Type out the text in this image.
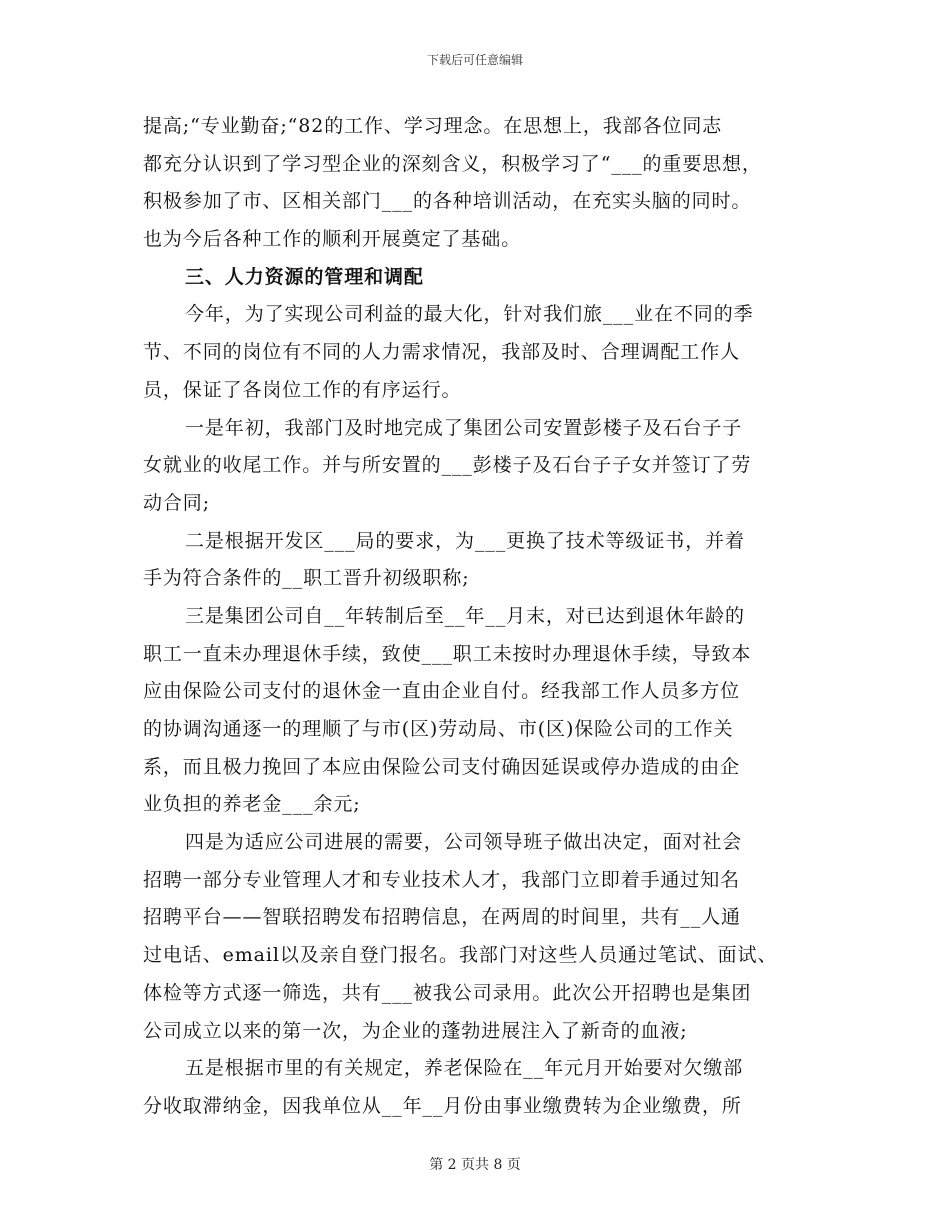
下载后可任意编辑
提高;“专业勤奋;“82的工作、学习理念。在思想上，我部各位同志
都充分认识到了学习型企业的深刻含义，积极学习了“___的重要思想，
积极参加了市、区相关部门___的各种培训活动，在充实头脑的同时。
也为今后各种工作的顺利开展奠定了基础。
三、人力资源的管理和调配
今年，为了实现公司利益的最大化，针对我们旅___业在不同的季
节、不同的岗位有不同的人力需求情况，我部及时、合理调配工作人
员，保证了各岗位工作的有序运行。
一是年初，我部门及时地完成了集团公司安置彭楼子及石台子子
女就业的收尾工作。并与所安置的___彭楼子及石台子子女并签订了劳
动合同;
二是根据开发区___局的要求，为___更换了技术等级证书，并着
手为符合条件的__职工晋升初级职称;
三是集团公司自__年转制后至__年__月末，对已达到退休年龄的
职工一直未办理退休手续，致使___职工未按时办理退休手续，导致本
应由保险公司支付的退休金一直由企业自付。经我部工作人员多方位
的协调沟通逐一的理顺了与市(区)劳动局、市(区)保险公司的工作关
系，而且极力挽回了本应由保险公司支付确因延误或停办造成的由企
业负担的养老金___余元;
四是为适应公司进展的需要，公司领导班子做出决定，面对社会
招聘一部分专业管理人才和专业技术人才，我部门立即着手通过知名
招聘平台——智联招聘发布招聘信息，在两周的时间里，共有__人通
过电话、email以及亲自登门报名。我部门对这些人员通过笔试、面试、
体检等方式逐一筛选，共有___被我公司录用。此次公开招聘也是集团
公司成立以来的第一次，为企业的蓬勃进展注入了新奇的血液;
五是根据市里的有关规定，养老保险在__年元月开始要对欠缴部
分收取滞纳金，因我单位从__年__月份由事业缴费转为企业缴费，所
第 2 页共 8 页
